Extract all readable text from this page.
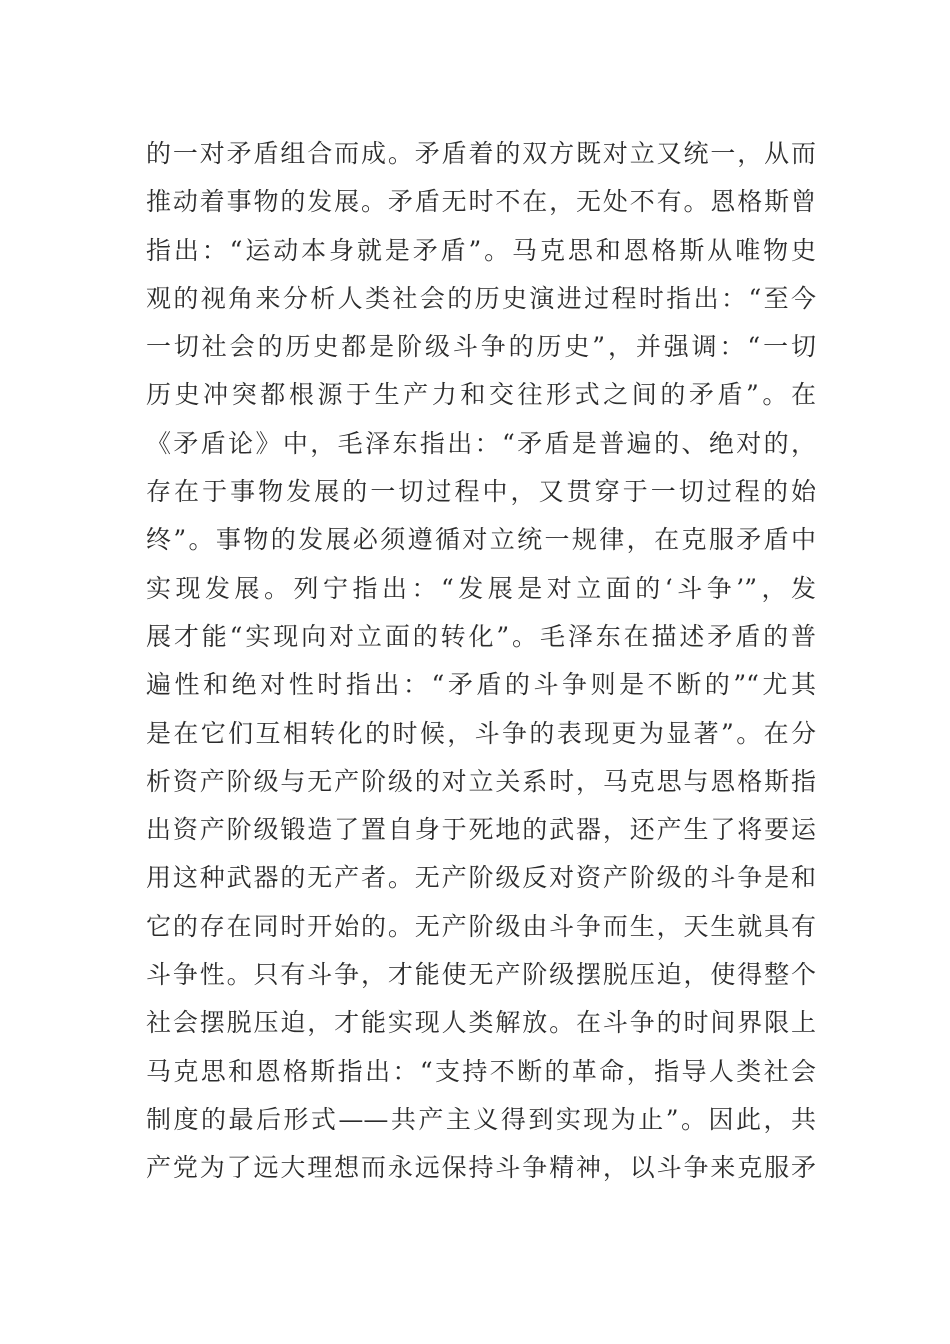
的一对矛盾组合而成。矛盾着的双方既对立又统一，从而
推动着事物的发展。矛盾无时不在，无处不有。恩格斯曾
指出：“运动本身就是矛盾”。马克思和恩格斯从唯物史
观的视角来分析人类社会的历史演进过程时指出：“至今
一切社会的历史都是阶级斗争的历史”，并强调：“一切
历史冲突都根源于生产力和交往形式之间的矛盾”。在
《矛盾论》中，毛泽东指出：“矛盾是普遍的、绝对的，
存在于事物发展的一切过程中，又贯穿于一切过程的始
终”。事物的发展必须遵循对立统一规律，在克服矛盾中
实现发展。列宁指出：“发展是对立面的‘斗争’”，发
展才能“实现向对立面的转化”。毛泽东在描述矛盾的普
遍性和绝对性时指出：“矛盾的斗争则是不断的”“尤其
是在它们互相转化的时候，斗争的表现更为显著”。在分
析资产阶级与无产阶级的对立关系时，马克思与恩格斯指
出资产阶级锻造了置自身于死地的武器，还产生了将要运
用这种武器的无产者。无产阶级反对资产阶级的斗争是和
它的存在同时开始的。无产阶级由斗争而生，天生就具有
斗争性。只有斗争，才能使无产阶级摆脱压迫，使得整个
社会摆脱压迫，才能实现人类解放。在斗争的时间界限上
马克思和恩格斯指出：“支持不断的革命，指导人类社会
制度的最后形式——共产主义得到实现为止”。因此，共
产党为了远大理想而永远保持斗争精神，以斗争来克服矛
